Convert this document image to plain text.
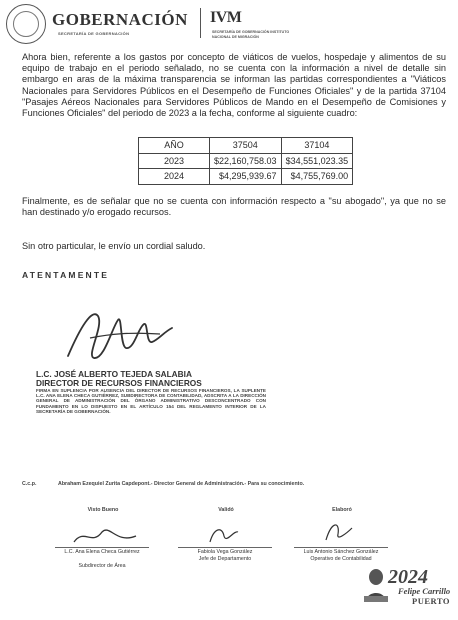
GOBERNACIÓN
SECRETARÍA DE GOBERNACIÓN
IVM
SECRETARÍA DE GOBERNACIÓN INSTITUTO NACIONAL DE MIGRACIÓN
Ahora bien, referente a los gastos por concepto de viáticos de vuelos, hospedaje y alimentos de su equipo de trabajo en el periodo señalado, no se cuenta con la información a nivel de detalle sin embargo en aras de la máxima transparencia se informan las partidas correspondientes a "Viáticos Nacionales para Servidores Públicos en el Desempeño de Funciones Oficiales" y de la partida 37104 "Pasajes Aéreos Nacionales para Servidores Públicos de Mando en el Desempeño de Comisiones y Funciones Oficiales" del periodo de 2023 a la fecha, conforme al siguiente cuadro:
AÑO	37504	37104
2023	$22,160,758.03	$34,551,023.35
2024	$4,295,939.67	$4,755,769.00
Finalmente, es de señalar que no se cuenta con información respecto a "su abogado", ya que no se han destinado y/o erogado recursos.
Sin otro particular, le envío un cordial saludo.
ATENTAMENTE
L.C. JOSÉ ALBERTO TEJEDA SALABIA
DIRECTOR DE RECURSOS FINANCIEROS
FIRMA EN SUPLENCIA POR AUSENCIA DEL DIRECTOR DE RECURSOS FINANCIEROS, LA SUPLENTE L.C. ANA ELENA CHECA GUTIÉRREZ, SUBDIRECTORA DE CONTABILIDAD, ADSCRITA A LA DIRECCIÓN GENERAL DE ADMINISTRACIÓN DEL ÓRGANO ADMINISTRATIVO DESCONCENTRADO CON FUNDAMENTO EN LO DISPUESTO EN EL ARTÍCULO 154 DEL REGLAMENTO INTERIOR DE LA SECRETARÍA DE GOBERNACIÓN.
C.c.p.	Abraham Ezequiel Zurita Capdepont.- Director General de Administración.- Para su conocimiento.
Visto Bueno	Validó	Elaboró
L.C. Ana Elena Checa Gutiérrez
Subdirector de Área
Fabiola Vega González
Jefe de Departamento
Luis Antonio Sánchez González
Operativo de Contabilidad
2024
Felipe Carrillo
PUERTO
